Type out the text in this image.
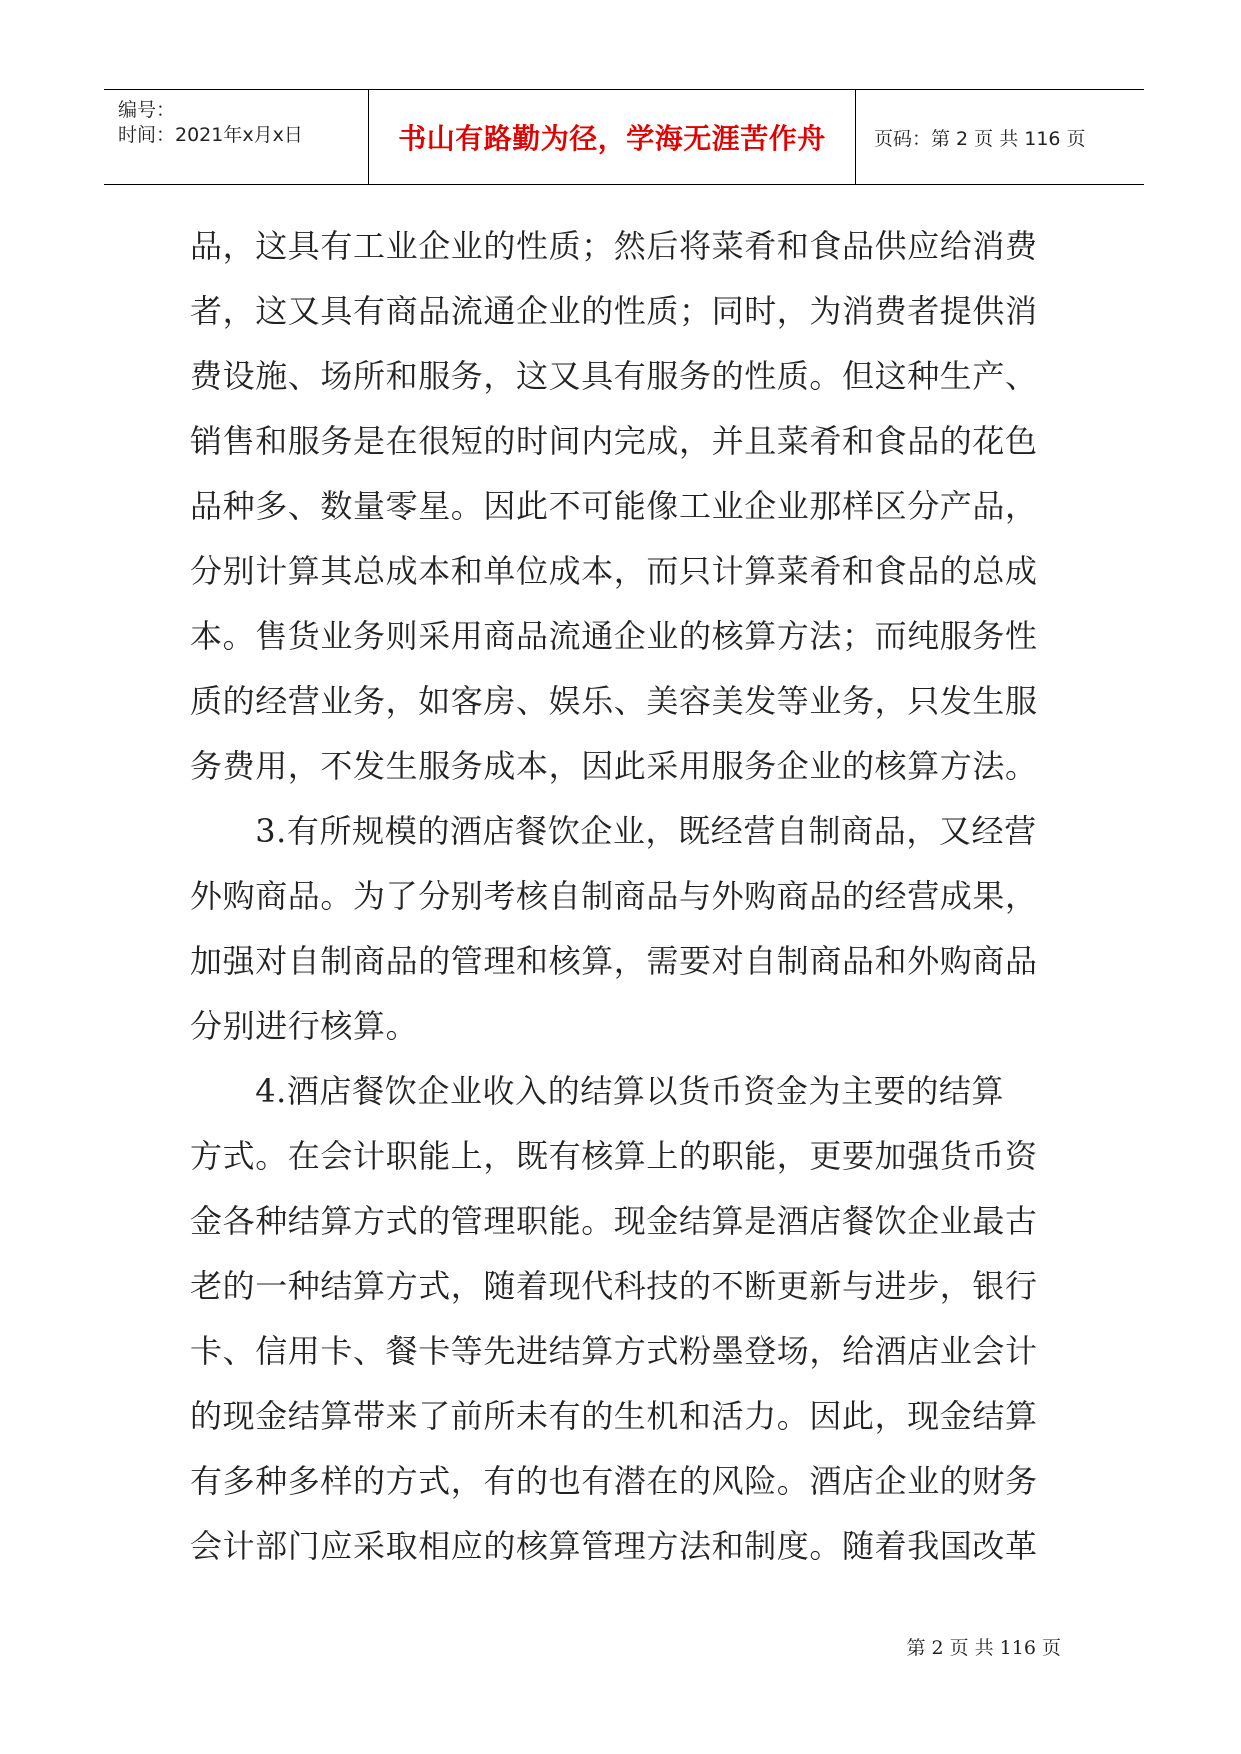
编号：
时间：2021年x月x日	书山有路勤为径，学海无涯苦作舟	页码：第 2 页 共 116 页
品，这具有工业企业的性质；然后将菜肴和食品供应给消费
者，这又具有商品流通企业的性质；同时，为消费者提供消
费设施、场所和服务，这又具有服务的性质。但这种生产、
销售和服务是在很短的时间内完成，并且菜肴和食品的花色
品种多、数量零星。因此不可能像工业企业那样区分产品，
分别计算其总成本和单位成本，而只计算菜肴和食品的总成
本。售货业务则采用商品流通企业的核算方法；而纯服务性
质的经营业务，如客房、娱乐、美容美发等业务，只发生服
务费用，不发生服务成本，因此采用服务企业的核算方法。
　　3.有所规模的酒店餐饮企业，既经营自制商品，又经营
外购商品。为了分别考核自制商品与外购商品的经营成果，
加强对自制商品的管理和核算，需要对自制商品和外购商品
分别进行核算。
　　4.酒店餐饮企业收入的结算以货币资金为主要的结算
方式。在会计职能上，既有核算上的职能，更要加强货币资
金各种结算方式的管理职能。现金结算是酒店餐饮企业最古
老的一种结算方式，随着现代科技的不断更新与进步，银行
卡、信用卡、餐卡等先进结算方式粉墨登场，给酒店业会计
的现金结算带来了前所未有的生机和活力。因此，现金结算
有多种多样的方式，有的也有潜在的风险。酒店企业的财务
会计部门应采取相应的核算管理方法和制度。随着我国改革
第 2 页 共 116 页
